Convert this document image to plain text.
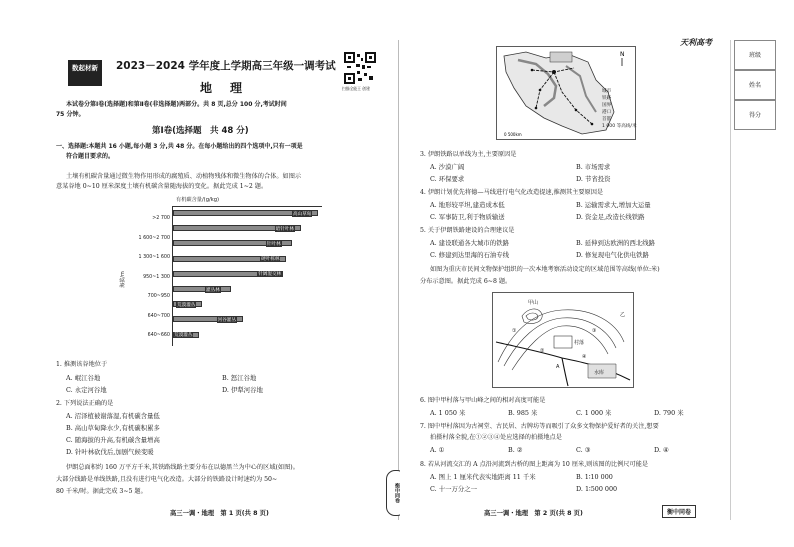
数起材新	2023－2024 学年度上学期高三年级一调考试
地　理	扫描全能王 创建
本试卷分第Ⅰ卷(选择题)和第Ⅱ卷(非选择题)两部分。共 8 页,总分 100 分,考试时间
75 分钟。
第Ⅰ卷(选择题　共 48 分)
一、选择题:本题共 16 小题,每小题 3 分,共 48 分。在每小题给出的四个选项中,只有一项是
符合题目要求的。
土壤有机碳含量通过微生物作用形成的腐殖质、动植物残体和微生物体的合体。如图示
意某谷地 0~10 厘米深度土壤有机碳含量随海拔的变化。据此完成 1~2 题。
有机碳含量/(g/kg)
海拔/m
>2 700
1 600~2 700
1 300~1 600
950~1 300
700~950
640~700
640~660
高山草甸
暗针叶林
针叶林
硬叶栎林
针阔混交林
灌丛林
荒漠灌丛
河谷灌丛
荒漠灌丛
1. 推测该谷地位于
A. 岷江谷地	B. 怒江谷地
C. 永定河谷地	D. 伊犁河谷地
2. 下列说法正确的是
A. 沼泽植被谢落湿,有机碳含量低
B. 高山草甸降水少,有机碳积累多
C. 随海拔的升高,有机碳含量增高
D. 针叶林砍伐后,加剧气候变暖
伊朗总面积约 160 万平方千米,其铁路线路主要分布在以德黑兰为中心的区域(如图)。
大部分线路是单线铁路,且没有进行电气化改造。大部分的铁路设计时速约为 50~
80 千米/时。据此完成 3~5 题。
高三一调・地理　第 1 页(共 8 页)
衡中同卷
N
0 500km
城市
铁路
国界
港口
首都
1 000 等高线/米
3. 伊朗铁路以单线为主,主要原因是
A. 沙漠广阔	B. 市场需求
C. 环保要求	D. 节省投资
4. 伊朗计划优先将德—马线进行电气化改造提速,推测其主要原因是
A. 地形较平坦,建造成本低	B. 运输需求大,增加大运量
C. 军事防卫,利于物质输送	D. 资金足,改造长线铁路
5. 关于伊朗铁路建设的合理建议是
A. 建设联通各大城市的铁路	B. 延伸到达欧洲的西北线路
C. 修建到达里海的石油专线	D. 修复现电气化供电铁路
如图为重庆市民间文物保护组织的一次本地考察活动设定的区域范围等高线(单位:米)
分布示意图。据此完成 6~8 题。
甲山
村落
①
②
③
④
乙
A
水库
6. 图中甲村落与甲山峰之间的相对高度可能是
A. 1 050 米	B. 985 米	C. 1 000 米	D. 790 米
7. 图中甲村落因为古祠堂、古民居、古牌坊等而吸引了众多文物保护爱好者的关注,想要
拍摄村落全貌,在①②③④处应选择的拍摄地点是
A. ①	B. ②	C. ③	D. ④
8. 若从河流交汇的 A 点沿河流到古桥的图上距离为 10 厘米,则该图的比例尺可能是
A. 图上 1 厘米代表实地距离 11 千米	B. 1∶10 000
C. 十一万分之一	D. 1∶500 000
高三一调・地理　第 2 页(共 8 页)	衡中同卷
天利高考
班级
姓名
得分
